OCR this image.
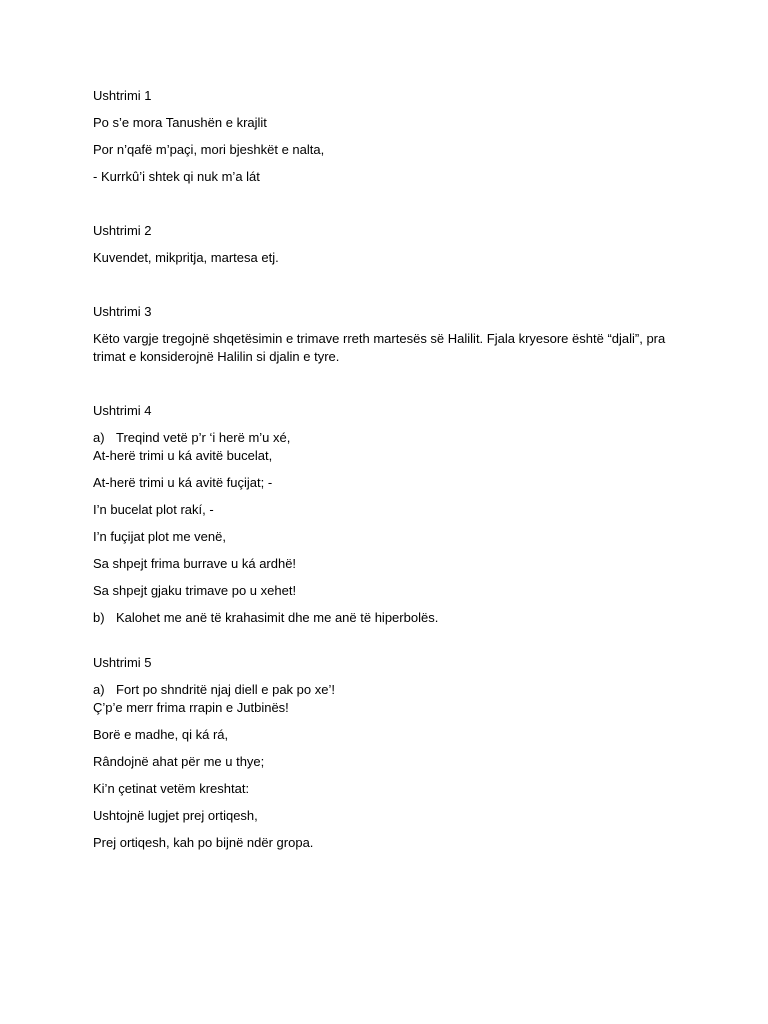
Ushtrimi 1

Po s’e mora Tanushën e krajlit

Por n’qafë m’paçi, mori bjeshkët e nalta,

- Kurrkû’i shtek qi nuk m’a lát

Ushtrimi 2

Kuvendet, mikpritja, martesa etj.

Ushtrimi 3

Këto vargje tregojnë shqetësimin e trimave rreth martesës së Halilit. Fjala kryesore është “djali”, pra trimat e konsiderojnë Halilin si djalin e tyre.

Ushtrimi 4

a) Treqind vetë p’r ‘i herë m’u xé,

At-herë trimi u ká avitë bucelat,

At-herë trimi u ká avitë fuçijat; -

I’n bucelat plot rakí, -

I’n fuçijat plot me venë,

Sa shpejt frima burrave u ká ardhë!

Sa shpejt gjaku trimave po u xehet!

b) Kalohet me anë të krahasimit dhe me anë të hiperbolës.

Ushtrimi 5

a) Fort po shndritë njaj diell e pak po xe’!

Ç’p’e merr frima rrapin e Jutbinës!

Borë e madhe, qi ká rá,

Rândojnë ahat për me u thye;

Ki’n çetinat vetëm kreshtat:

Ushtojnë lugjet prej ortiqesh,

Prej ortiqesh, kah po bijnë ndër gropa.
